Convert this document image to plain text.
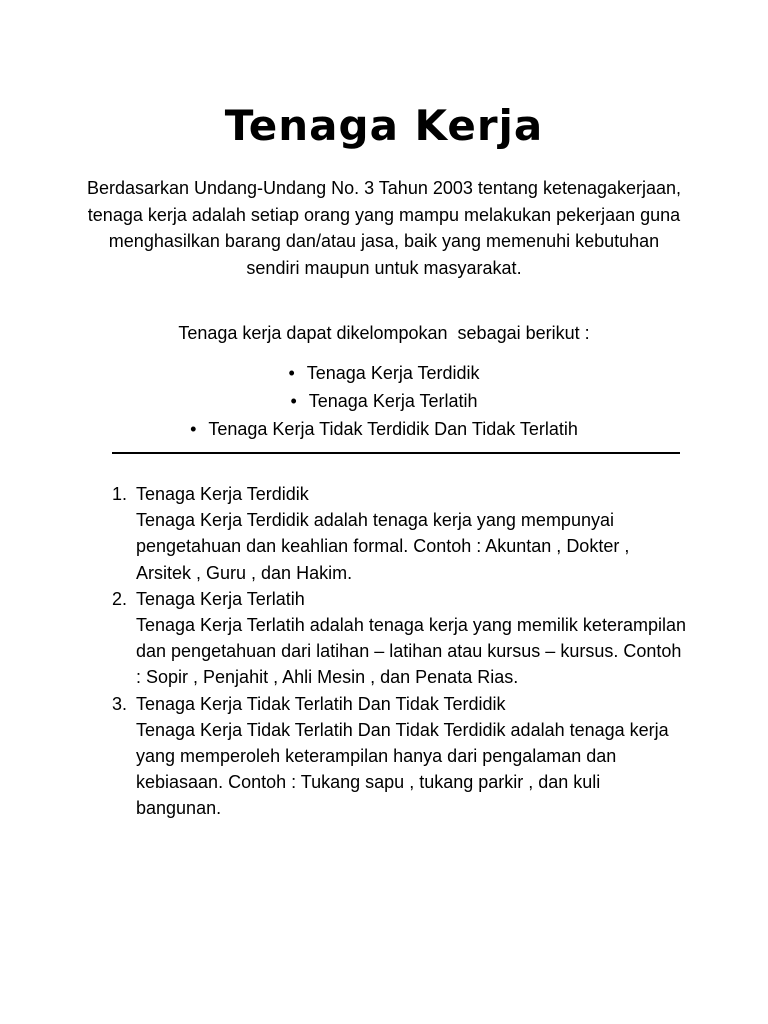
Tenaga Kerja

Berdasarkan Undang-Undang No. 3 Tahun 2003 tentang ketenagakerjaan, tenaga kerja adalah setiap orang yang mampu melakukan pekerjaan guna menghasilkan barang dan/atau jasa, baik yang memenuhi kebutuhan sendiri maupun untuk masyarakat.

Tenaga kerja dapat dikelompokan  sebagai berikut :

• Tenaga Kerja Terdidik
• Tenaga Kerja Terlatih
• Tenaga Kerja Tidak Terdidik Dan Tidak Terlatih
1. Tenaga Kerja Terdidik
Tenaga Kerja Terdidik adalah tenaga kerja yang mempunyai pengetahuan dan keahlian formal. Contoh : Akuntan , Dokter , Arsitek , Guru , dan Hakim.
2. Tenaga Kerja Terlatih
Tenaga Kerja Terlatih adalah tenaga kerja yang memilik keterampilan dan pengetahuan dari latihan – latihan atau kursus – kursus. Contoh : Sopir , Penjahit , Ahli Mesin , dan Penata Rias.
3. Tenaga Kerja Tidak Terlatih Dan Tidak Terdidik
Tenaga Kerja Tidak Terlatih Dan Tidak Terdidik adalah tenaga kerja yang memperoleh keterampilan hanya dari pengalaman dan kebiasaan. Contoh : Tukang sapu , tukang parkir , dan kuli bangunan.
